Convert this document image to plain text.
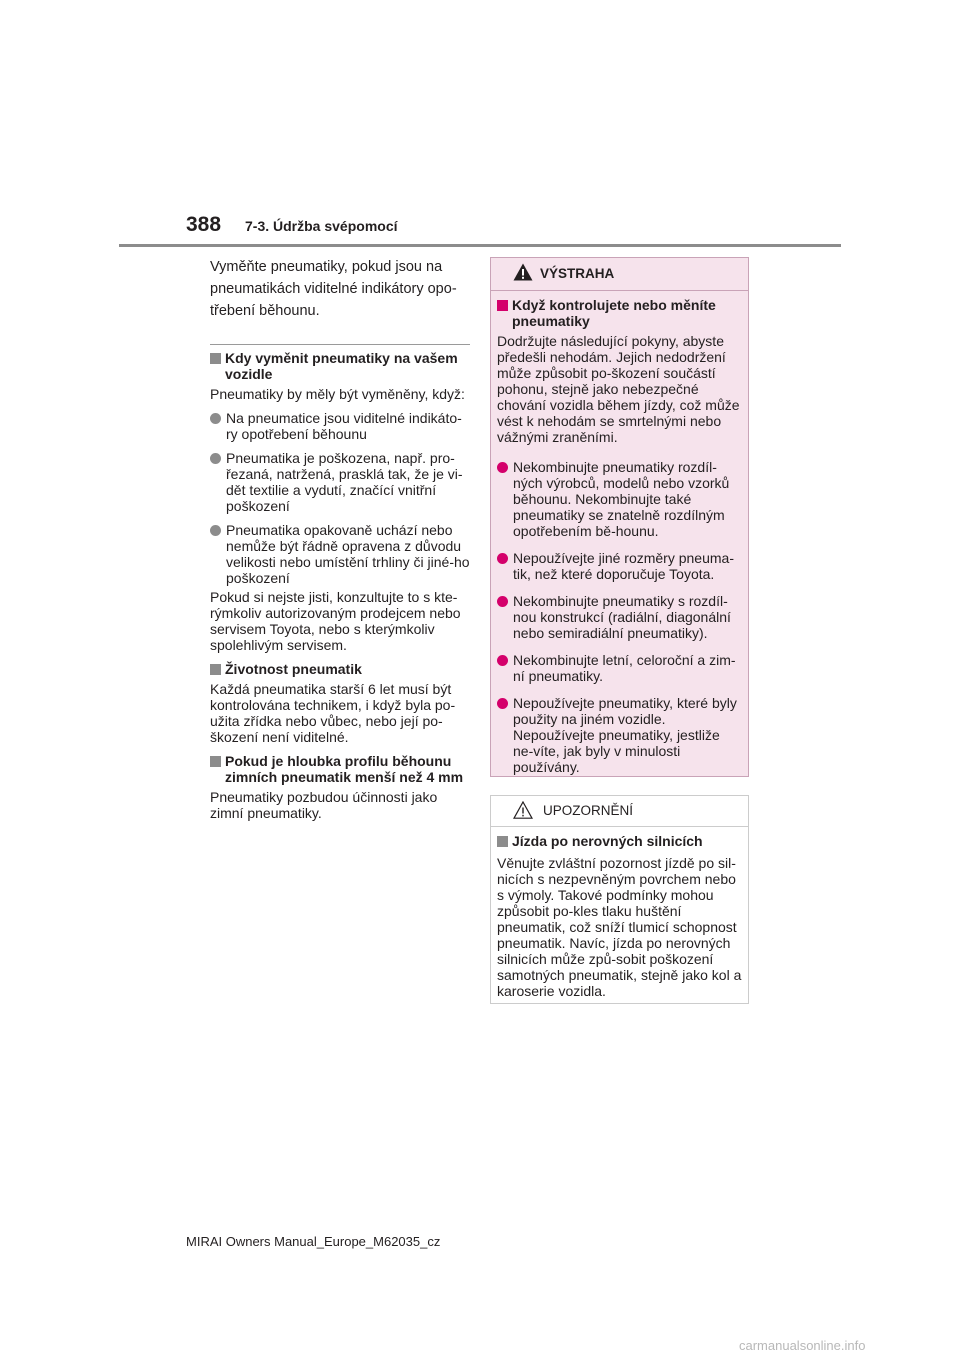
388 7-3. Údržba svépomocí

Vyměňte pneumatiky, pokud jsou na pneumatikách viditelné indikátory opo-třebení běhounu.

Kdy vyměnit pneumatiky na vašem vozidle

Pneumatiky by měly být vyměněny, když:

Na pneumatice jsou viditelné indikáto-ry opotřebení běhounu
Pneumatika je poškozena, např. pro-řezaná, natržená, prasklá tak, že je vi-dět textilie a vydutí, značící vnitřní poškození
Pneumatika opakovaně uchází nebo nemůže být řádně opravena z důvodu velikosti nebo umístění trhliny či jiné-ho poškození

Pokud si nejste jisti, konzultujte to s kte-rýmkoliv autorizovaným prodejcem nebo servisem Toyota, nebo s kterýmkoliv spolehlivým servisem.

Životnost pneumatik

Každá pneumatika starší 6 let musí být kontrolována technikem, i když byla po-užita zřídka nebo vůbec, nebo její po-škození není viditelné.

Pokud je hloubka profilu běhounu zimních pneumatik menší než 4 mm

Pneumatiky pozbudou účinnosti jako zimní pneumatiky.

VÝSTRAHA
Když kontrolujete nebo měníte pneumatiky

Dodržujte následující pokyny, abyste předešli nehodám. Jejich nedodržení může způsobit po-škození součástí pohonu, stejně jako nebezpečné chování vozidla během jízdy, což může vést k nehodám se smrtelnými nebo vážnými zraněními.

Nekombinujte pneumatiky rozdíl-ných výrobců, modelů nebo vzorků běhounu. Nekombinujte také pneumatiky se znatelně rozdílným opotřebením bě-hounu.
Nepoužívejte jiné rozměry pneuma-tik, než které doporučuje Toyota.
Nekombinujte pneumatiky s rozdíl-nou konstrukcí (radiální, diagonální nebo semiradiální pneumatiky).
Nekombinujte letní, celoroční a zim-ní pneumatiky.
Nepoužívejte pneumatiky, které byly použity na jiném vozidle. Nepoužívejte pneumatiky, jestliže ne-víte, jak byly v minulosti používány.
UPOZORNĚNÍ
Jízda po nerovných silnicích

Věnujte zvláštní pozornost jízdě po sil-nicích s nezpevněným povrchem nebo s výmoly. Takové podmínky mohou způsobit po-kles tlaku huštění pneumatik, což sníží tlumicí schopnost pneumatik. Navíc, jízda po nerovných silnicích může způ-sobit poškození samotných pneumatik, stejně jako kol a karoserie vozidla.

MIRAI Owners Manual_Europe_M62035_cz
carmanualsonline.info
